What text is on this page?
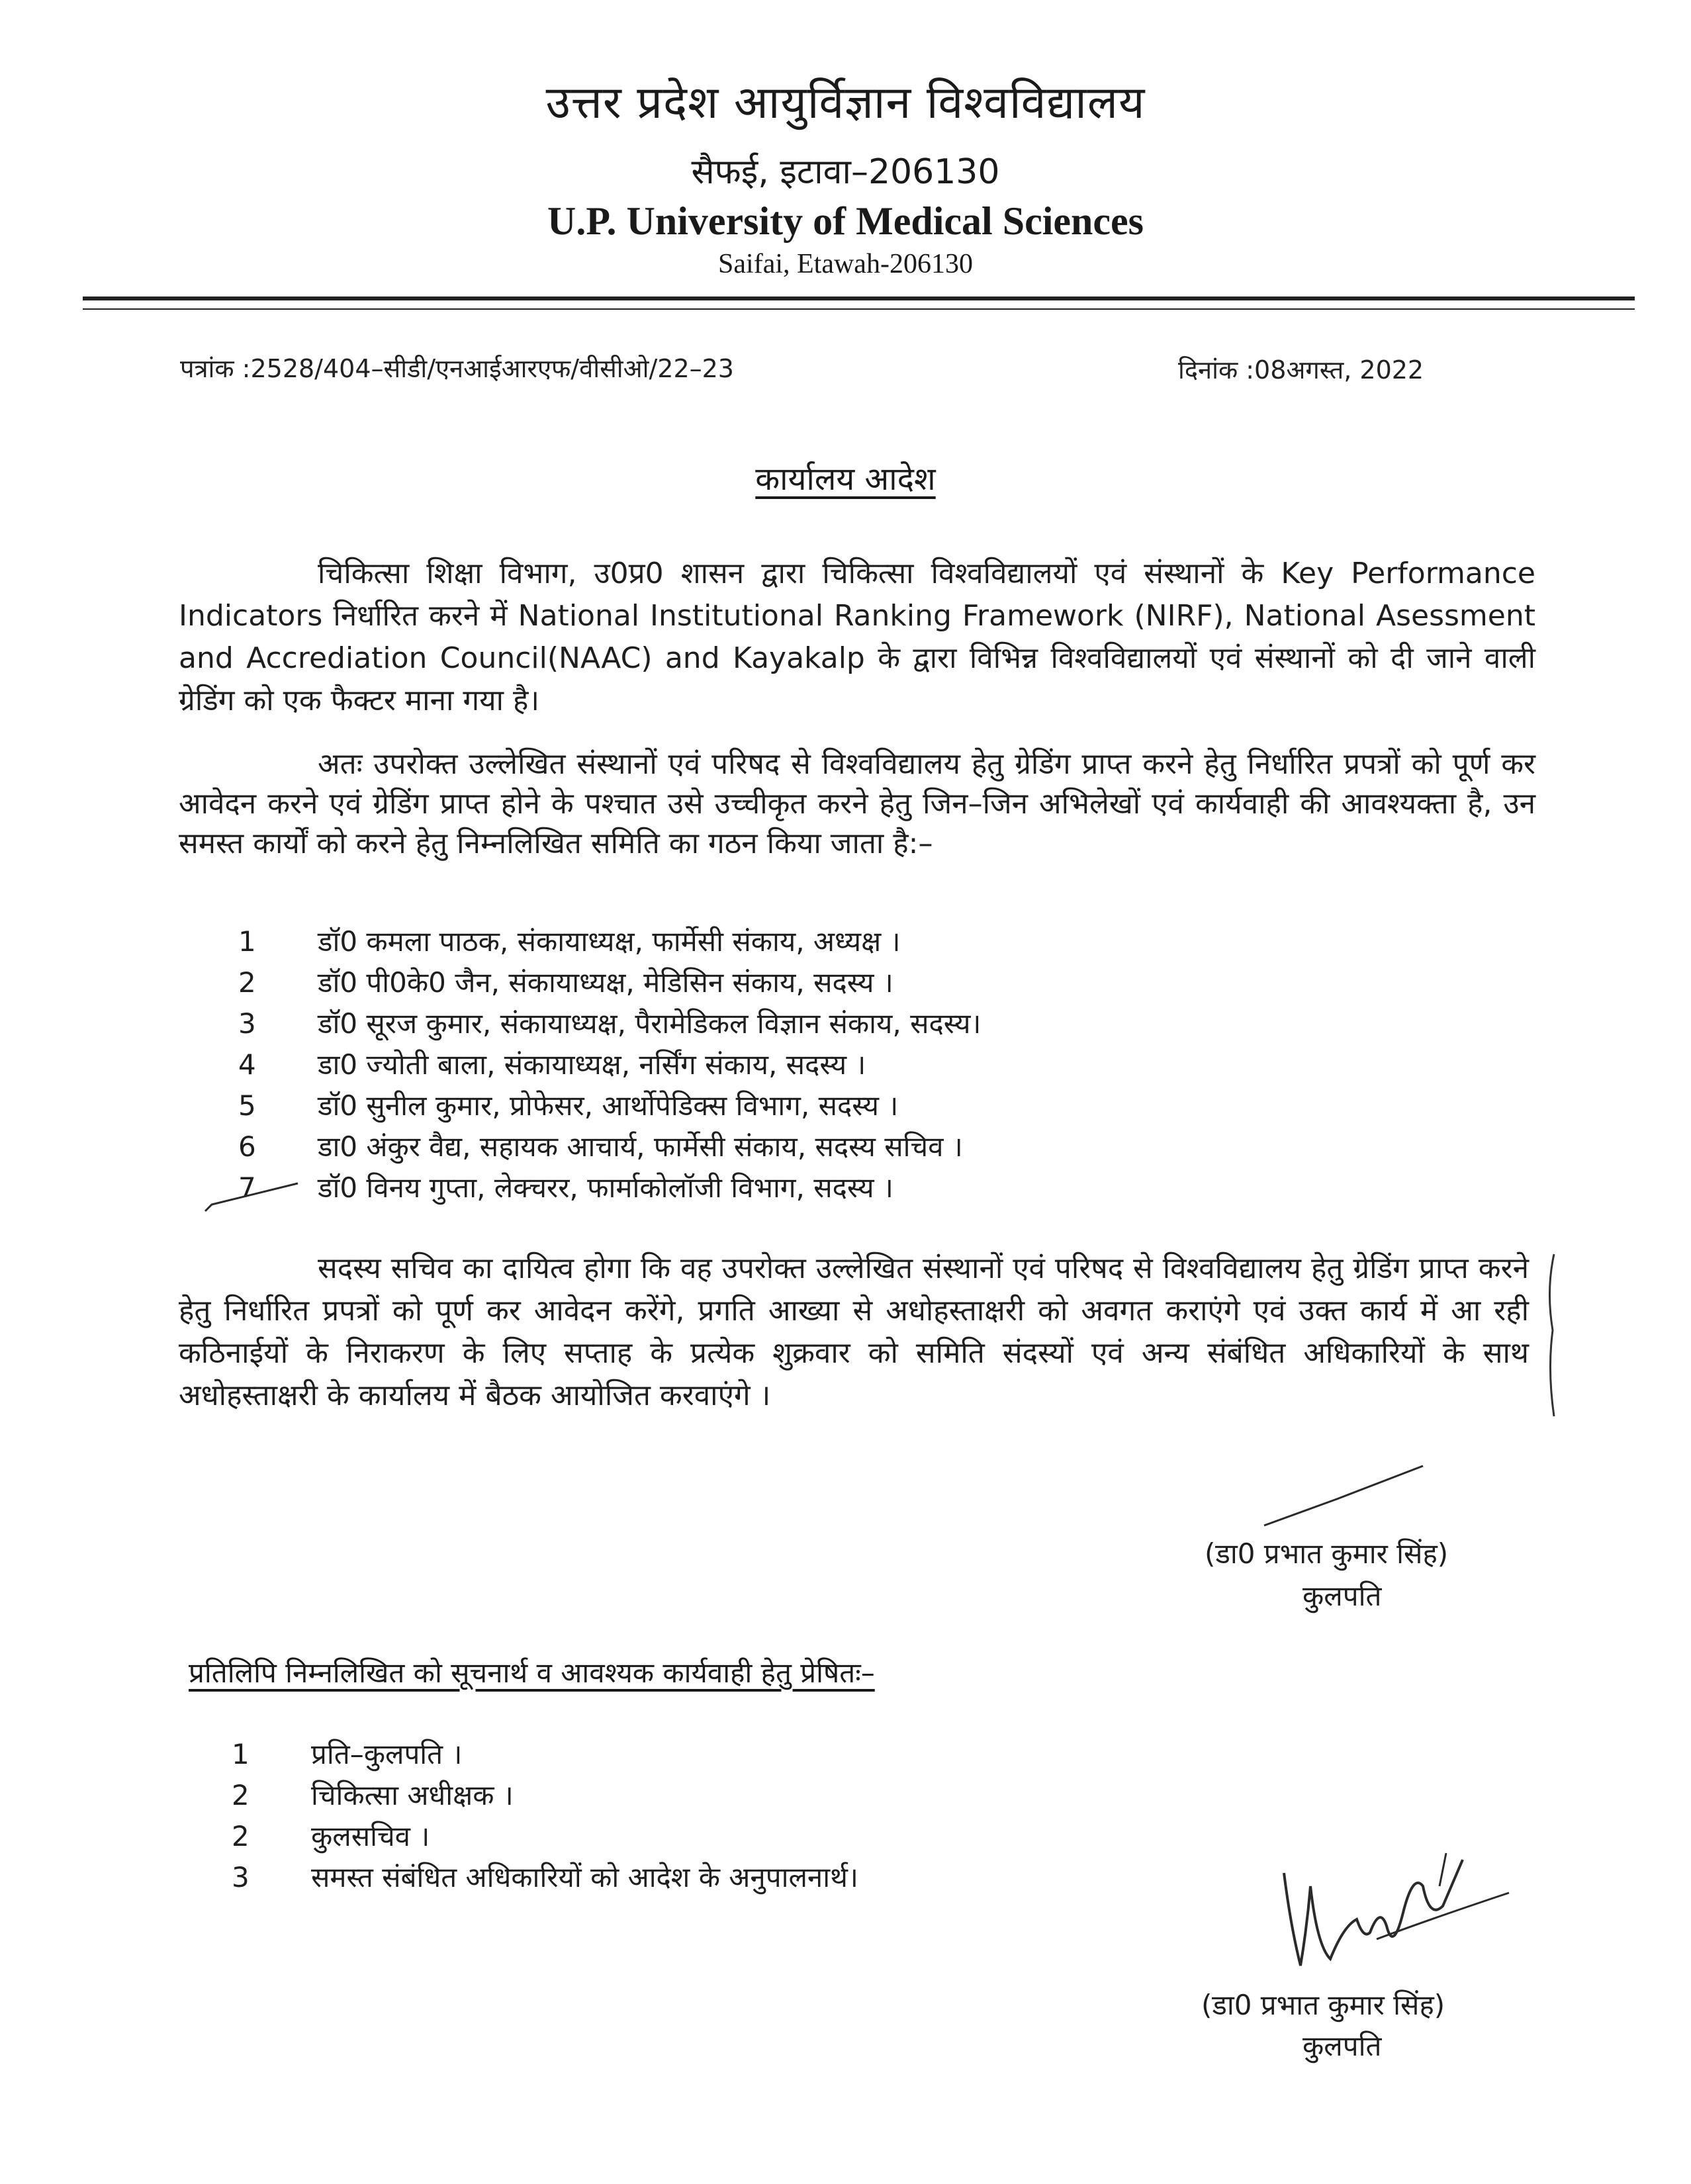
उत्तर प्रदेश आयुर्विज्ञान विश्वविद्यालय
सैफई, इटावा–206130
U.P. University of Medical Sciences
Saifai, Etawah-206130
पत्रांक :2528/404–सीडी/एनआईआरएफ/वीसीओ/22–23	दिनांक :08अगस्त, 2022
कार्यालय आदेश
चिकित्सा शिक्षा विभाग, उ0प्र0 शासन द्वारा चिकित्सा विश्वविद्यालयों एवं संस्थानों के Key Performance Indicators निर्धारित करने में National Institutional Ranking Framework (NIRF), National Asessment and Accrediation Council(NAAC) and Kayakalp के द्वारा विभिन्न विश्वविद्यालयों एवं संस्थानों को दी जाने वाली ग्रेडिंग को एक फैक्टर माना गया है।
अतः उपरोक्त उल्लेखित संस्थानों एवं परिषद से विश्वविद्यालय हेतु ग्रेडिंग प्राप्त करने हेतु निर्धारित प्रपत्रों को पूर्ण कर आवेदन करने एवं ग्रेडिंग प्राप्त होने के पश्चात उसे उच्चीकृत करने हेतु जिन–जिन अभिलेखों एवं कार्यवाही की आवश्यक्ता है, उन समस्त कार्यों को करने हेतु निम्नलिखित समिति का गठन किया जाता है:–
1	डॉ0 कमला पाठक, संकायाध्यक्ष, फार्मेसी संकाय, अध्यक्ष ।
2	डॉ0 पी0के0 जैन, संकायाध्यक्ष, मेडिसिन संकाय, सदस्य ।
3	डॉ0 सूरज कुमार, संकायाध्यक्ष, पैरामेडिकल विज्ञान संकाय, सदस्य।
4	डा0 ज्योती बाला, संकायाध्यक्ष, नर्सिंग संकाय, सदस्य ।
5	डॉ0 सुनील कुमार, प्रोफेसर, आर्थोपेडिक्स विभाग, सदस्य ।
6	डा0 अंकुर वैद्य, सहायक आचार्य, फार्मेसी संकाय, सदस्य सचिव ।
7	डॉ0 विनय गुप्ता, लेक्चरर, फार्माकोलॉजी विभाग, सदस्य ।
सदस्य सचिव का दायित्व होगा कि वह उपरोक्त उल्लेखित संस्थानों एवं परिषद से विश्वविद्यालय हेतु ग्रेडिंग प्राप्त करने हेतु निर्धारित प्रपत्रों को पूर्ण कर आवेदन करेंगे, प्रगति आख्या से अधोहस्ताक्षरी को अवगत कराएंगे एवं उक्त कार्य में आ रही कठिनाईयों के निराकरण के लिए सप्ताह के प्रत्येक शुक्रवार को समिति संदस्यों एवं अन्य संबंधित अधिकारियों के साथ अधोहस्ताक्षरी के कार्यालय में बैठक आयोजित करवाएंगे ।
(डा0 प्रभात कुमार सिंह)
कुलपति
प्रतिलिपि निम्नलिखित को सूचनार्थ व आवश्यक कार्यवाही हेतु प्रेषितः–
1	प्रति–कुलपति ।
2	चिकित्सा अधीक्षक ।
2	कुलसचिव ।
3	समस्त संबंधित अधिकारियों को आदेश के अनुपालनार्थ।
(डा0 प्रभात कुमार सिंह)
कुलपति
